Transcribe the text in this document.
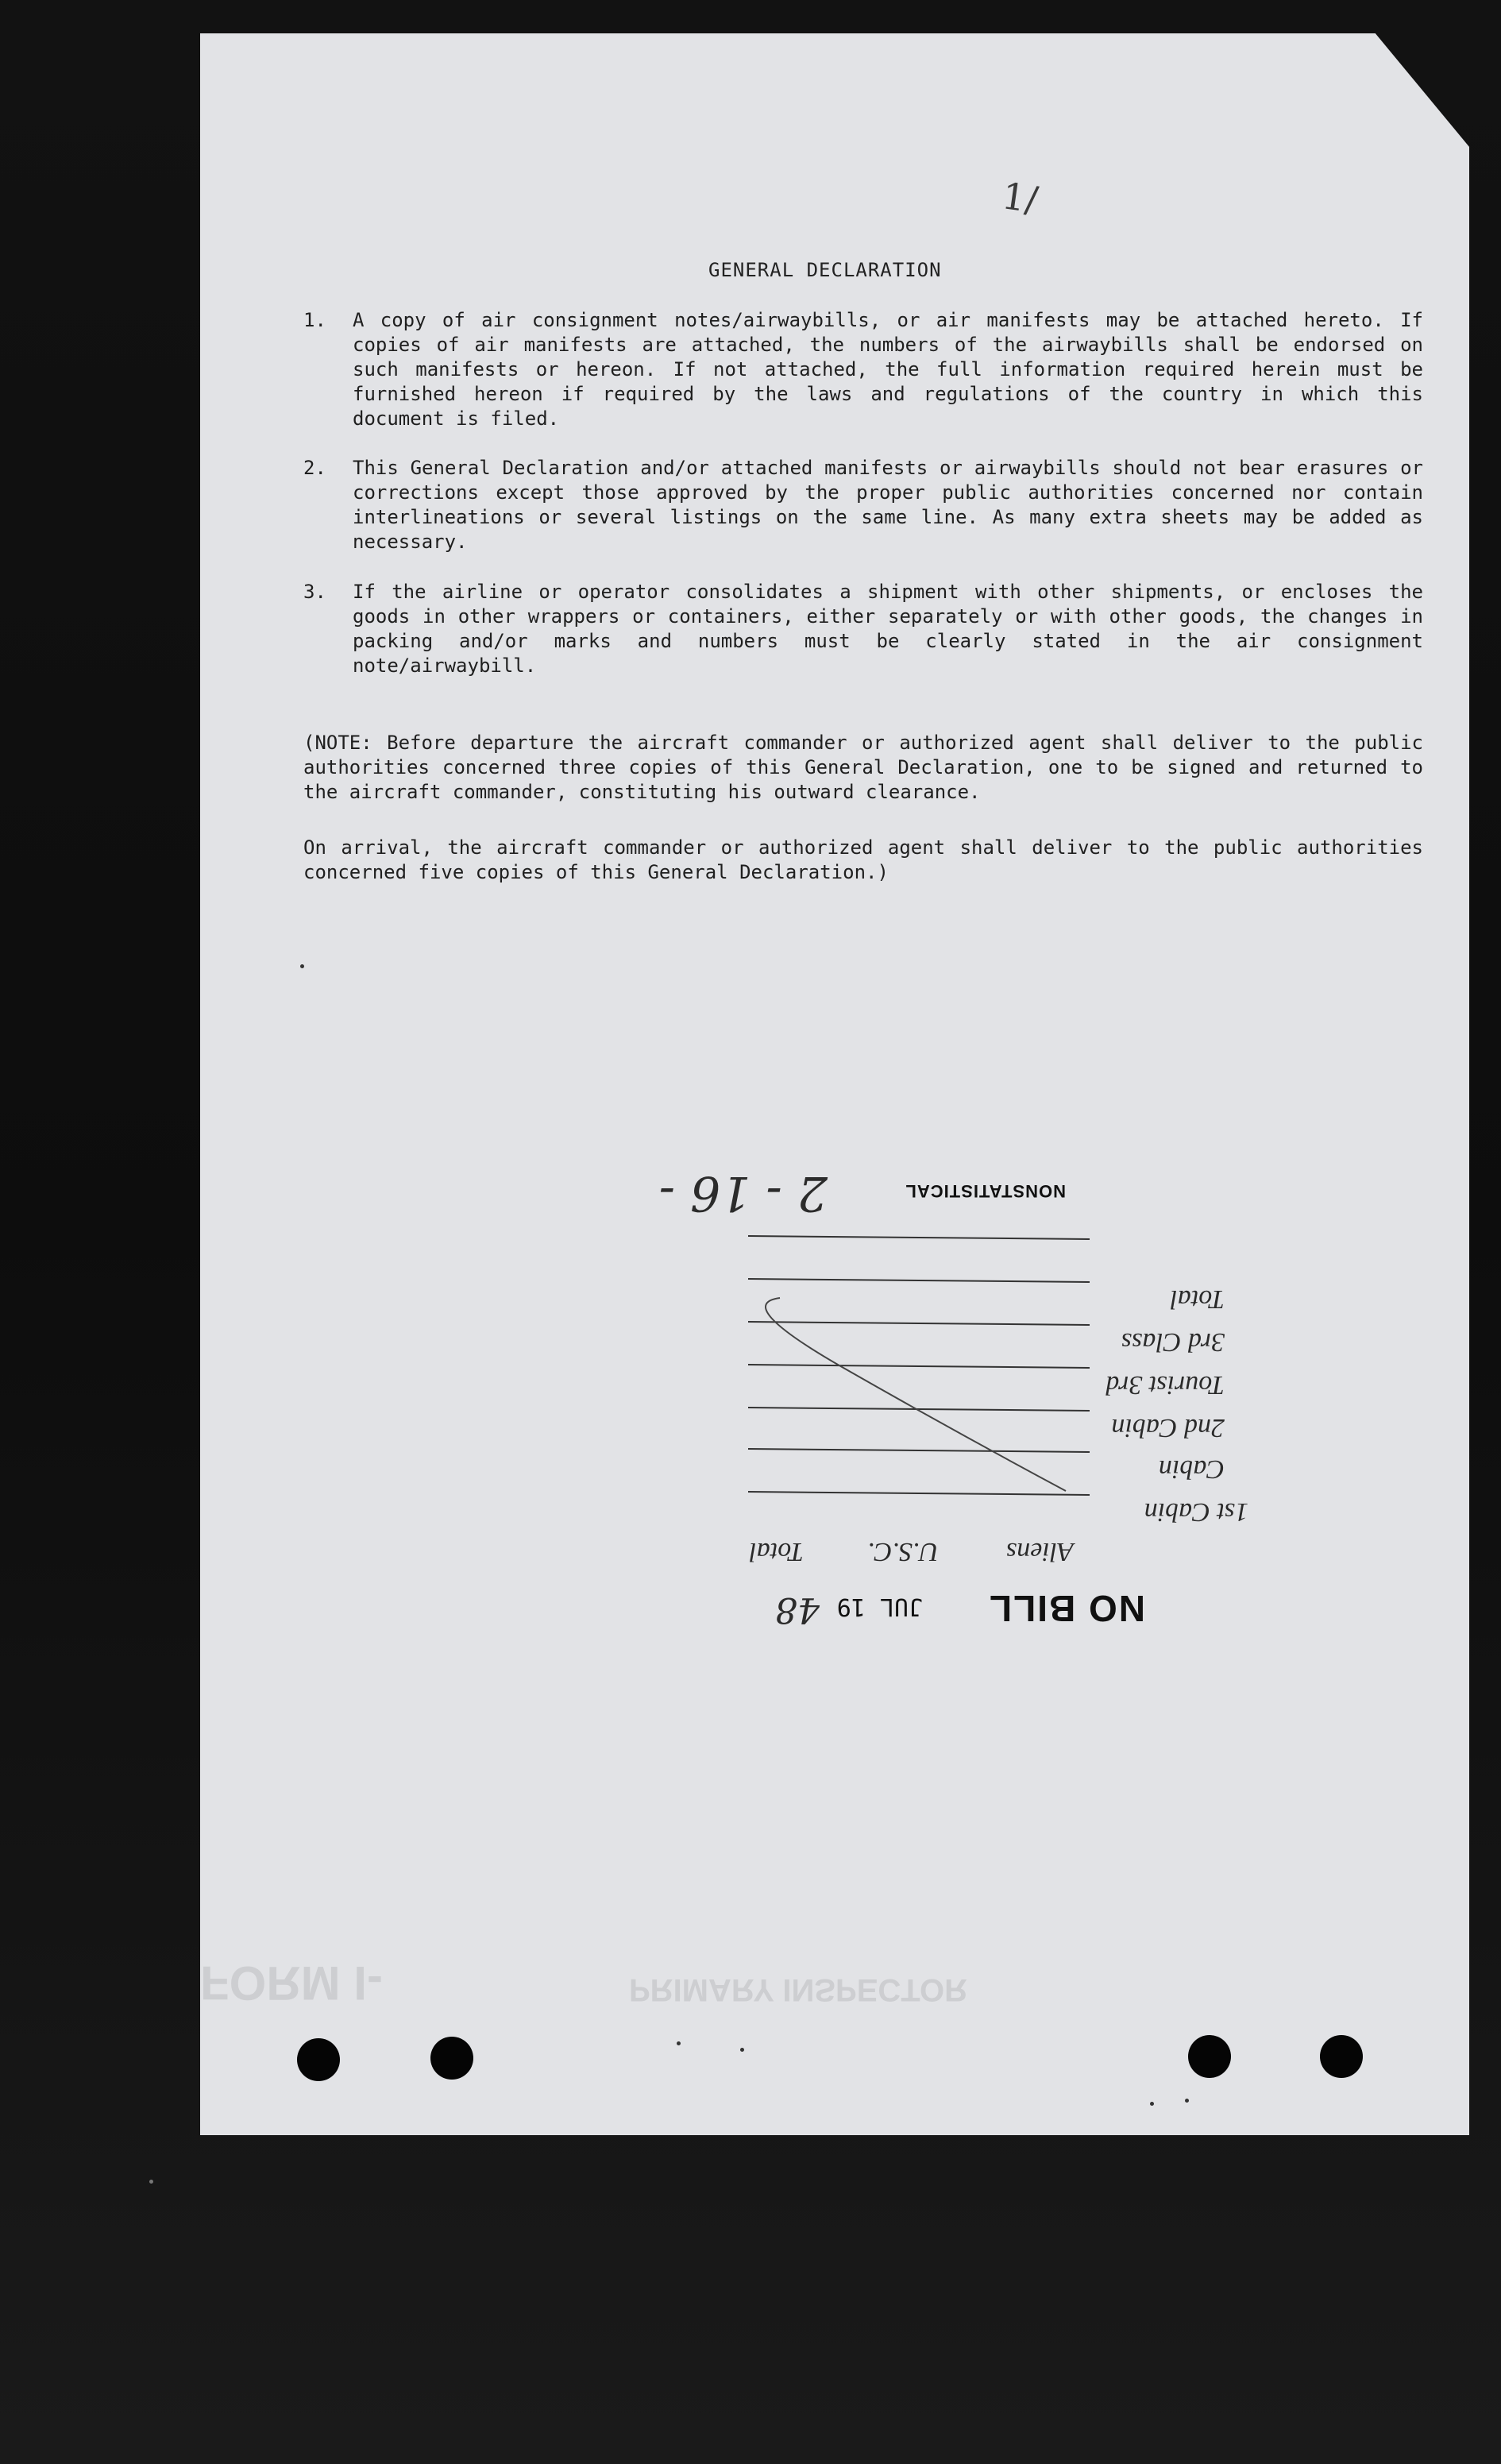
1/
GENERAL DECLARATION
1.	A copy of air consignment notes/airwaybills, or air manifests may be attached hereto. If copies of air manifests are attached, the numbers of the airwaybills shall be endorsed on such manifests or hereon. If not attached, the full information required herein must be furnished hereon if required by the laws and regulations of the country in which this document is filed.
2.	This General Declaration and/or attached manifests or airwaybills should not bear erasures or corrections except those approved by the proper public authorities concerned nor contain interlineations or several listings on the same line. As many extra sheets may be added as necessary.
3.	If the airline or operator consolidates a shipment with other shipments, or encloses the goods in other wrappers or containers, either separately or with other goods, the changes in packing and/or marks and numbers must be clearly stated in the air consignment note/airwaybill.
(NOTE: Before departure the aircraft commander or authorized agent shall deliver to the public authorities concerned three copies of this General Declaration, one to be signed and returned to the aircraft commander, constituting his outward clearance.
On arrival, the aircraft commander or authorized agent shall deliver to the public authorities concerned five copies of this General Declaration.)
NO BILL
JUL 19
48
Aliens
U.S.C.
Total
1st Cabin
Cabin
2nd Cabin
Tourist 3rd
3rd Class
Total
NONSTATISTICAL
2 - 16 -
FORM I-	PRIMARY INSPECTOR
